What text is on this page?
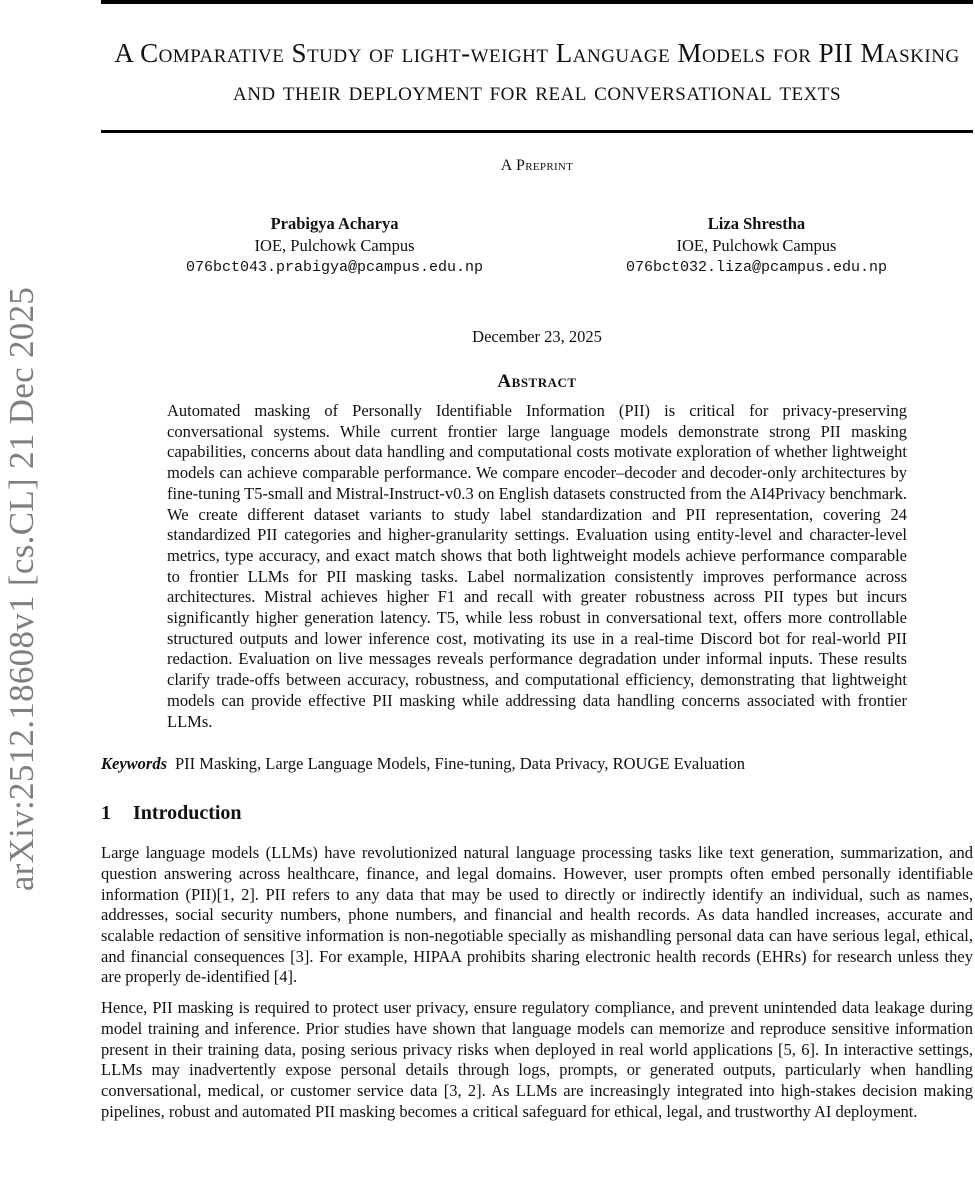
arXiv:2512.18608v1 [cs.CL] 21 Dec 2025
A Comparative Study of light-weight Language Models for PII Masking and their deployment for real conversational texts
A Preprint
Prabigya Acharya
IOE, Pulchowk Campus
076bct043.prabigya@pcampus.edu.np
Liza Shrestha
IOE, Pulchowk Campus
076bct032.liza@pcampus.edu.np
December 23, 2025
Abstract

Automated masking of Personally Identifiable Information (PII) is critical for privacy-preserving conversational systems. While current frontier large language models demonstrate strong PII masking capabilities, concerns about data handling and computational costs motivate exploration of whether lightweight models can achieve comparable performance. We compare encoder–decoder and decoder-only architectures by fine-tuning T5-small and Mistral-Instruct-v0.3 on English datasets constructed from the AI4Privacy benchmark. We create different dataset variants to study label standardization and PII representation, covering 24 standardized PII categories and higher-granularity settings. Evaluation using entity-level and character-level metrics, type accuracy, and exact match shows that both lightweight models achieve performance comparable to frontier LLMs for PII masking tasks. Label normalization consistently improves performance across architectures. Mistral achieves higher F1 and recall with greater robustness across PII types but incurs significantly higher generation latency. T5, while less robust in conversational text, offers more controllable structured outputs and lower inference cost, motivating its use in a real-time Discord bot for real-world PII redaction. Evaluation on live messages reveals performance degradation under informal inputs. These results clarify trade-offs between accuracy, robustness, and computational efficiency, demonstrating that lightweight models can provide effective PII masking while addressing data handling concerns associated with frontier LLMs.

Keywords PII Masking, Large Language Models, Fine-tuning, Data Privacy, ROUGE Evaluation
1 Introduction

Large language models (LLMs) have revolutionized natural language processing tasks like text generation, summarization, and question answering across healthcare, finance, and legal domains. However, user prompts often embed personally identifiable information (PII)[1, 2]. PII refers to any data that may be used to directly or indirectly identify an individual, such as names, addresses, social security numbers, phone numbers, and financial and health records. As data handled increases, accurate and scalable redaction of sensitive information is non-negotiable specially as mishandling personal data can have serious legal, ethical, and financial consequences [3]. For example, HIPAA prohibits sharing electronic health records (EHRs) for research unless they are properly de-identified [4].

Hence, PII masking is required to protect user privacy, ensure regulatory compliance, and prevent unintended data leakage during model training and inference. Prior studies have shown that language models can memorize and reproduce sensitive information present in their training data, posing serious privacy risks when deployed in real world applications [5, 6]. In interactive settings, LLMs may inadvertently expose personal details through logs, prompts, or generated outputs, particularly when handling conversational, medical, or customer service data [3, 2]. As LLMs are increasingly integrated into high-stakes decision making pipelines, robust and automated PII masking becomes a critical safeguard for ethical, legal, and trustworthy AI deployment.
